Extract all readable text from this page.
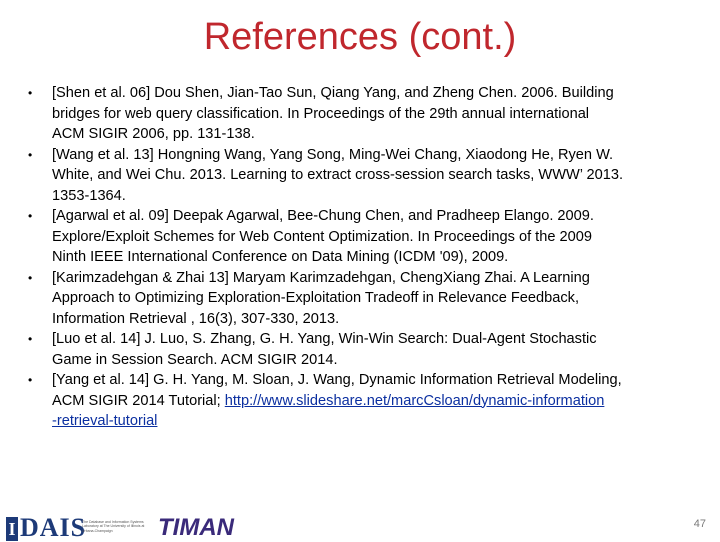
References (cont.)
• [Shen et al. 06] Dou Shen, Jian-Tao Sun, Qiang Yang, and Zheng Chen. 2006. Building
bridges for web query classification. In Proceedings of the 29th annual international
ACM SIGIR 2006, pp. 131-138.
• [Wang et al. 13] Hongning Wang, Yang Song, Ming-Wei Chang, Xiaodong He, Ryen W.
White, and Wei Chu. 2013. Learning to extract cross-session search tasks, WWW’ 2013.
1353-1364.
• [Agarwal et al. 09] Deepak Agarwal, Bee-Chung Chen, and Pradheep Elango. 2009.
Explore/Exploit Schemes for Web Content Optimization. In Proceedings of the 2009
Ninth IEEE International Conference on Data Mining (ICDM '09), 2009.
• [Karimzadehgan & Zhai 13] Maryam Karimzadehgan, ChengXiang Zhai. A Learning
Approach to Optimizing Exploration-Exploitation Tradeoff in Relevance Feedback,
Information Retrieval , 16(3), 307-330, 2013.
• [Luo et al. 14] J. Luo, S. Zhang, G. H. Yang, Win-Win Search: Dual-Agent Stochastic
Game in Session Search. ACM SIGIR 2014.
• [Yang et al. 14] G. H. Yang, M. Sloan, J. Wang, Dynamic Information Retrieval Modeling,
ACM SIGIR 2014 Tutorial; http://www.slideshare.net/marcCsloan/dynamic-information
-retrieval-tutorial
I DAIS
The Database and Information Systems Laboratory at The University of Illinois at Urbana-Champaign	TIMAN	47
